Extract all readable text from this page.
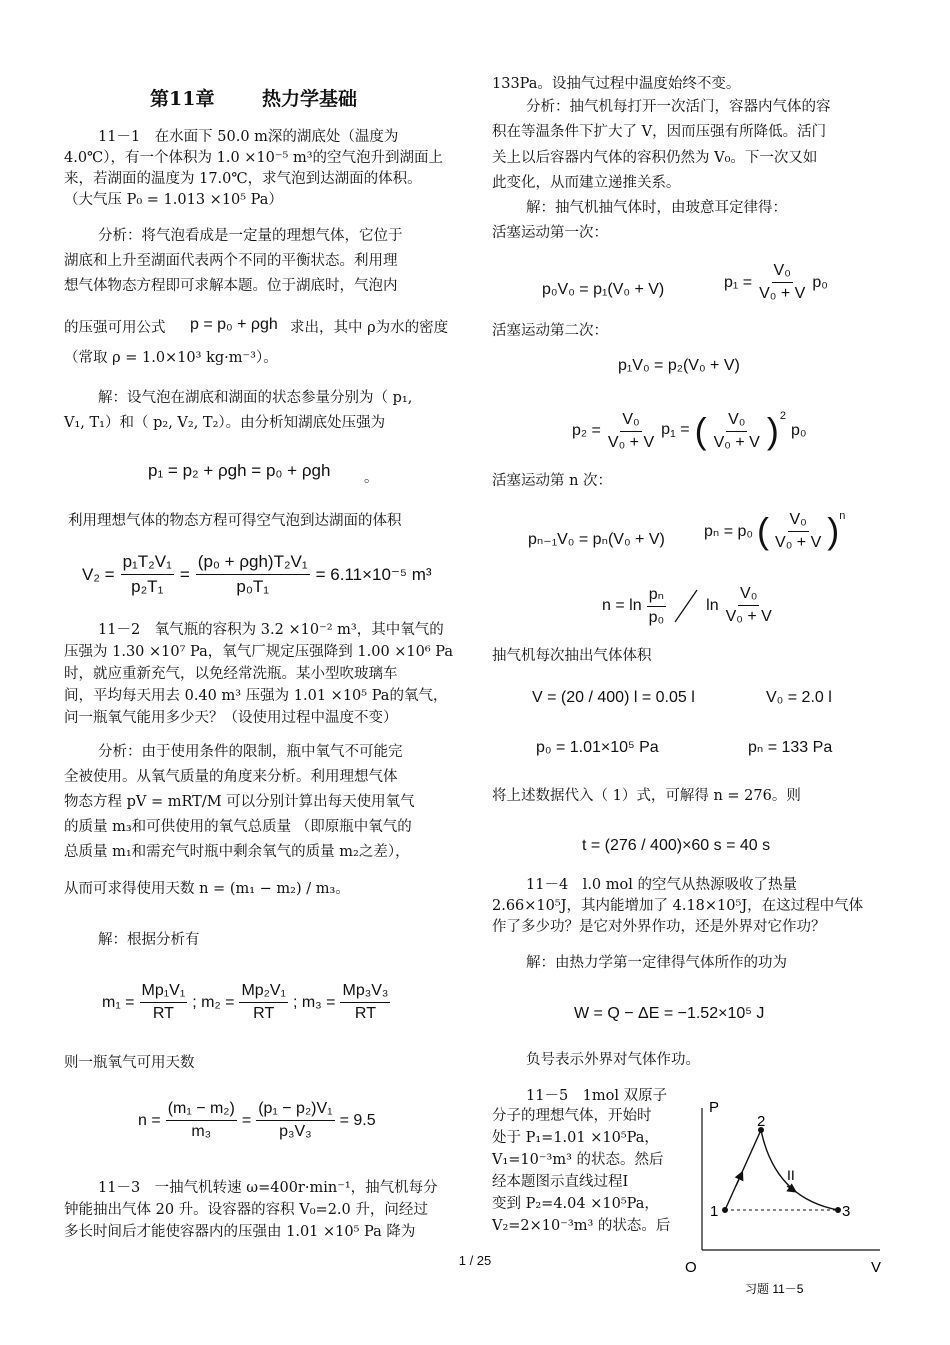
第11章	热力学基础
11－1　在水面下 50.0 m深的湖底处（温度为
4.0℃），有一个体积为 1.0 ×10⁻⁵ m³的空气泡升到湖面上
来，若湖面的温度为 17.0℃，求气泡到达湖面的体积。
（大气压 P₀ = 1.013 ×10⁵ Pa）
分析：将气泡看成是一定量的理想气体，它位于
湖底和上升至湖面代表两个不同的平衡状态。利用理
想气体物态方程即可求解本题。位于湖底时，气泡内
的压强可用公式 p = p₀ + ρgh 求出，其中 ρ为水的密度
（常取 ρ = 1.0×10³ kg·m⁻³）。
解：设气泡在湖底和湖面的状态参量分别为（ p₁,
V₁, T₁）和（ p₂, V₂, T₂）。由分析知湖底处压强为
p₁ = p₂ + ρgh = p₀ + ρgh 。
利用理想气体的物态方程可得空气泡到达湖面的体积
$V_2 = \frac{\text{p₁T₂V₁}}{\text{p₂T₁}} = \frac{\text{(p₀ + ρgh)T₂V₁}}{\text{p₀T₁}} = 6.11\times 10^{-5}$ m³
11－2　氧气瓶的容积为 3.2 ×10⁻² m³，其中氧气的
压强为 1.30 ×10⁷ Pa，氧气厂规定压强降到 1.00 ×10⁶ Pa
时，就应重新充气，以免经常洗瓶。某小型吹玻璃车
间，平均每天用去 0.40 m³ 压强为 1.01 ×10⁵ Pa的氧气，
问一瓶氧气能用多少天？（设使用过程中温度不变）
分析：由于使用条件的限制，瓶中氧气不可能完
全被使用。从氧气质量的角度来分析。利用理想气体
物态方程 pV = mRT/M 可以分别计算出每天使用氧气
的质量 m₃和可供使用的氧气总质量 （即原瓶中氧气的
总质量 m₁和需充气时瓶中剩余氧气的质量 m₂之差），
从而可求得使用天数 n = (m₁ − m₂) / m₃。
解：根据分析有
$m_1 = \frac{\text{Mp₁V₁}}{RT}$ ; $m_2 = \frac{\text{Mp₂V₁}}{RT}$ ; $m_3 = \frac{\text{Mp₃V₃}}{RT}$
则一瓶氧气可用天数
$n = \frac{\text{(m₁ − m₂)}}{\text{m₃}} = \frac{\text{(p₁ − p₂)V₁}}{\text{p₃V₃}} = 9.5$
11－3　一抽气机转速 ω=400r·min⁻¹，抽气机每分
钟能抽出气体 20 升。设容器的容积 V₀=2.0 升，问经过
多长时间后才能使容器内的压强由 1.01 ×10⁵ Pa 降为
133Pa。设抽气过程中温度始终不变。
分析：抽气机每打开一次活门，容器内气体的容
积在等温条件下扩大了 V，因而压强有所降低。活门
关上以后容器内气体的容积仍然为 V₀。下一次又如
此变化，从而建立递推关系。
解：抽气机抽气体时，由玻意耳定律得：
活塞运动第一次：
p₀V₀ = p₁(V₀ + V)	$p_1 = \frac{\text{V₀}}{\text{V₀ + V}} p_0$
活塞运动第二次：
p₁V₀ = p₂(V₀ + V)
$p_2 = \frac{\text{V₀}}{\text{V₀ + V}} p_1$ = ( $\frac{\text{V₀}}{\text{V₀ + V}} )^2$
p₀
活塞运动第 n 次：
pₙ₋₁V₀ = pₙ(V₀ + V) pₙ = p₀ ( $\frac{\text{V₀}}{\text{V₀ + V}} )^n$
$n = \ln \frac{\text{pₙ}}{\text{p₀}}$	$\ln \frac{\text{V₀}}{\text{V₀ + V}}$
抽气机每次抽出气体体积
V = (20 / 400) l = 0.05 l	V₀ = 2.0 l
p₀ = 1.01×10⁵ Pa	pₙ = 133 Pa
将上述数据代入（ 1）式，可解得 n = 276。则
t = (276 / 400)×60 s = 40 s
11－4　l.0 mol 的空气从热源吸收了热量
2.66×10⁵J，其内能增加了 4.18×10⁵J，在这过程中气体
作了多少功？是它对外界作功，还是外界对它作功？
解：由热力学第一定律得气体所作的功为
W = Q − ΔE = −1.52×10⁵ J
负号表示外界对气体作功。
11－5　1mol 双原子
分子的理想气体，开始时
处于 P₁=1.01 ×10⁵Pa，
V₁=10⁻³m³ 的状态。然后
经本题图示直线过程Ⅰ
变到 P₂=4.04 ×10⁵Pa，
V₂=2×10⁻³m³ 的状态。后
P
V
O
1
2
3
II
习题 11－5
1 / 25
